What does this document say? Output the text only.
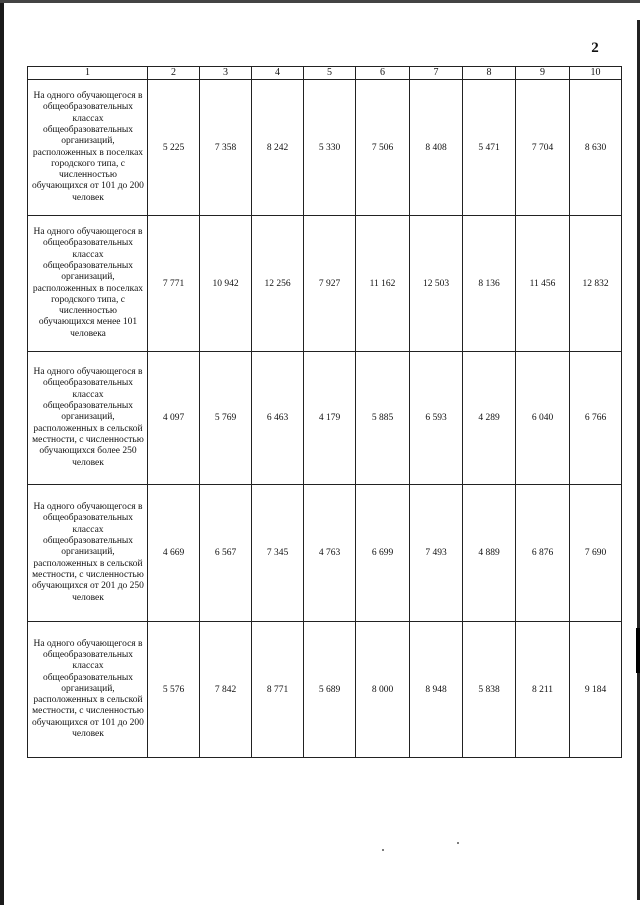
2
1	2	3	4	5	6	7	8	9	10
На одного обучающегося в общеобразовательных классах общеобразовательных организаций, расположенных в поселках городского типа, с численностью обучающихся от 101 до 200 человек	5 225	7 358	8 242	5 330	7 506	8 408	5 471	7 704	8 630
На одного обучающегося в общеобразовательных классах общеобразовательных организаций, расположенных в поселках городского типа, с численностью обучающихся менее 101 человека	7 771	10 942	12 256	7 927	11 162	12 503	8 136	11 456	12 832
На одного обучающегося в общеобразовательных классах общеобразовательных организаций, расположенных в сельской местности, с численностью обучающихся более 250 человек	4 097	5 769	6 463	4 179	5 885	6 593	4 289	6 040	6 766
На одного обучающегося в общеобразовательных классах общеобразовательных организаций, расположенных в сельской местности, с численностью обучающихся от 201 до 250 человек	4 669	6 567	7 345	4 763	6 699	7 493	4 889	6 876	7 690
На одного обучающегося в общеобразовательных классах общеобразовательных организаций, расположенных в сельской местности, с численностью обучающихся от 101 до 200 человек	5 576	7 842	8 771	5 689	8 000	8 948	5 838	8 211	9 184
